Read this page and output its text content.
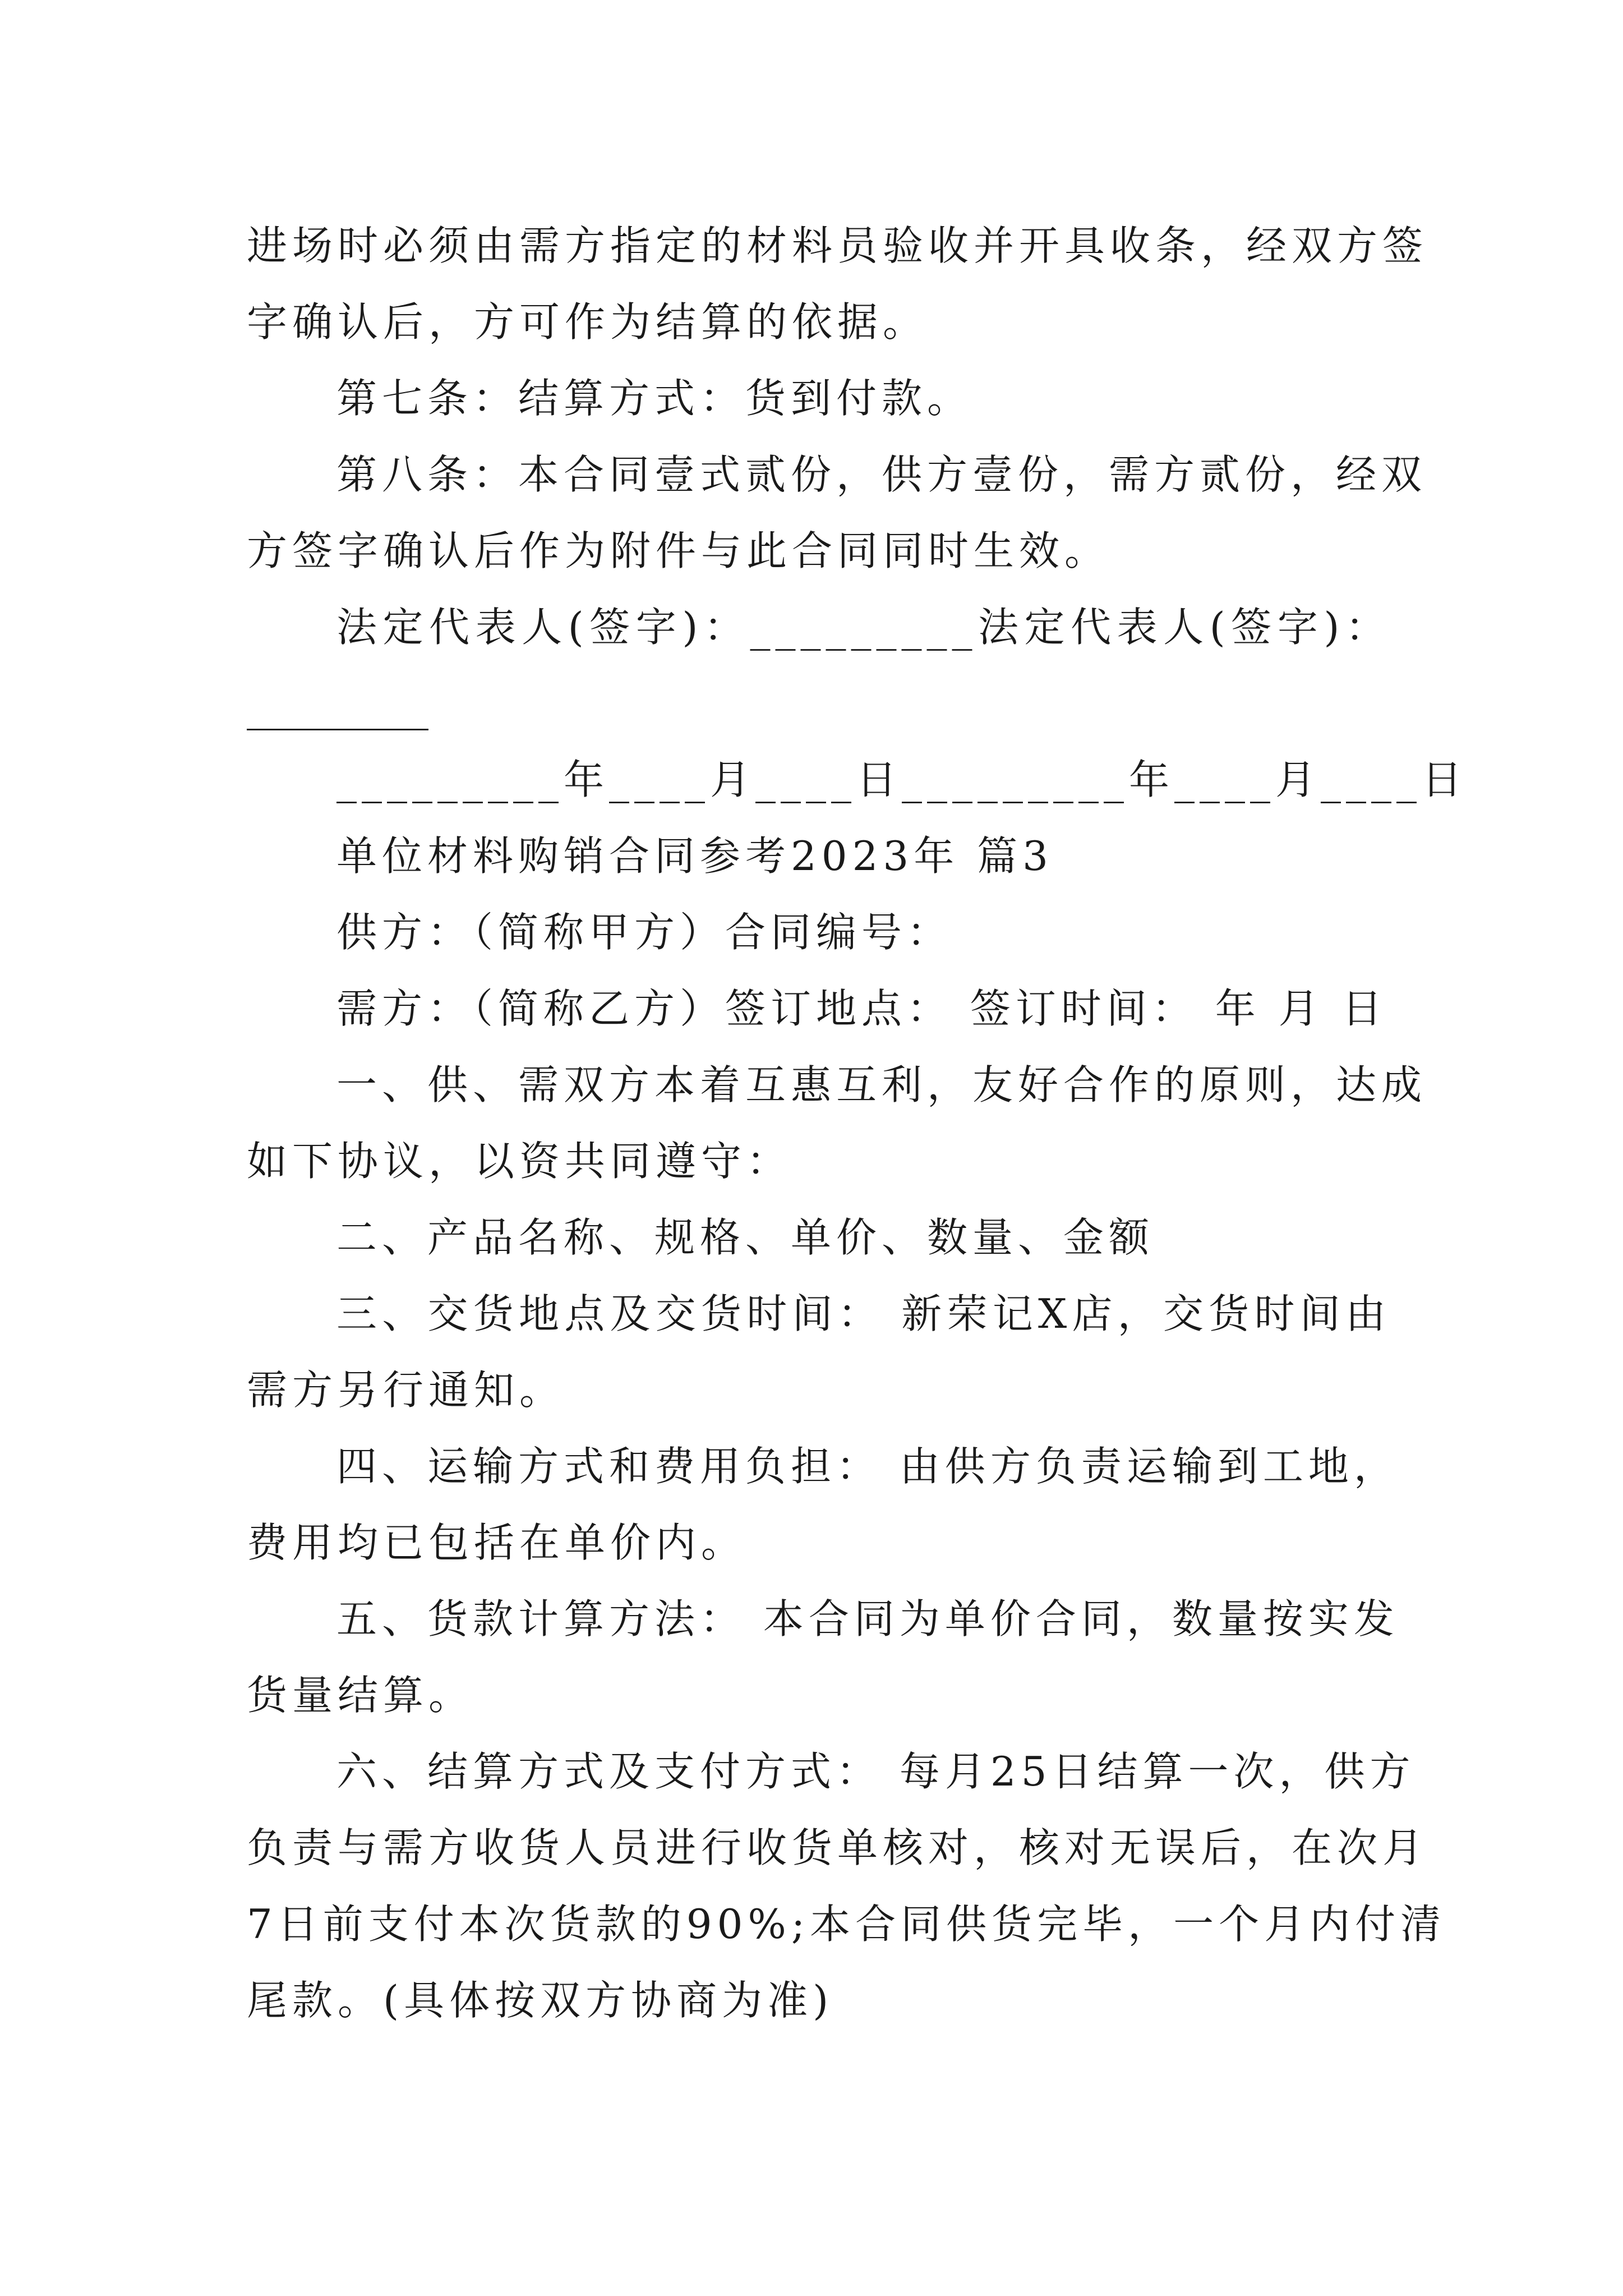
进场时必须由需方指定的材料员验收并开具收条，经双方签
字确认后，方可作为结算的依据。
第七条：结算方式：货到付款。
第八条：本合同壹式贰份，供方壹份，需方贰份，经双
方签字确认后作为附件与此合同同时生效。
法定代表人(签字)：_________法定代表人(签字)：
_________
_________年____月____日_________年____月____日
单位材料购销合同参考2023年 篇3
供方：（简称甲方）合同编号：
需方：（简称乙方）签订地点： 签订时间： 年 月 日
一、供、需双方本着互惠互利，友好合作的原则，达成
如下协议，以资共同遵守：
二、产品名称、规格、单价、数量、金额
三、交货地点及交货时间： 新荣记X店，交货时间由
需方另行通知。
四、运输方式和费用负担： 由供方负责运输到工地，
费用均已包括在单价内。
五、货款计算方法： 本合同为单价合同，数量按实发
货量结算。
六、结算方式及支付方式： 每月25日结算一次，供方
负责与需方收货人员进行收货单核对，核对无误后，在次月
7日前支付本次货款的90%;本合同供货完毕，一个月内付清
尾款。(具体按双方协商为准)
